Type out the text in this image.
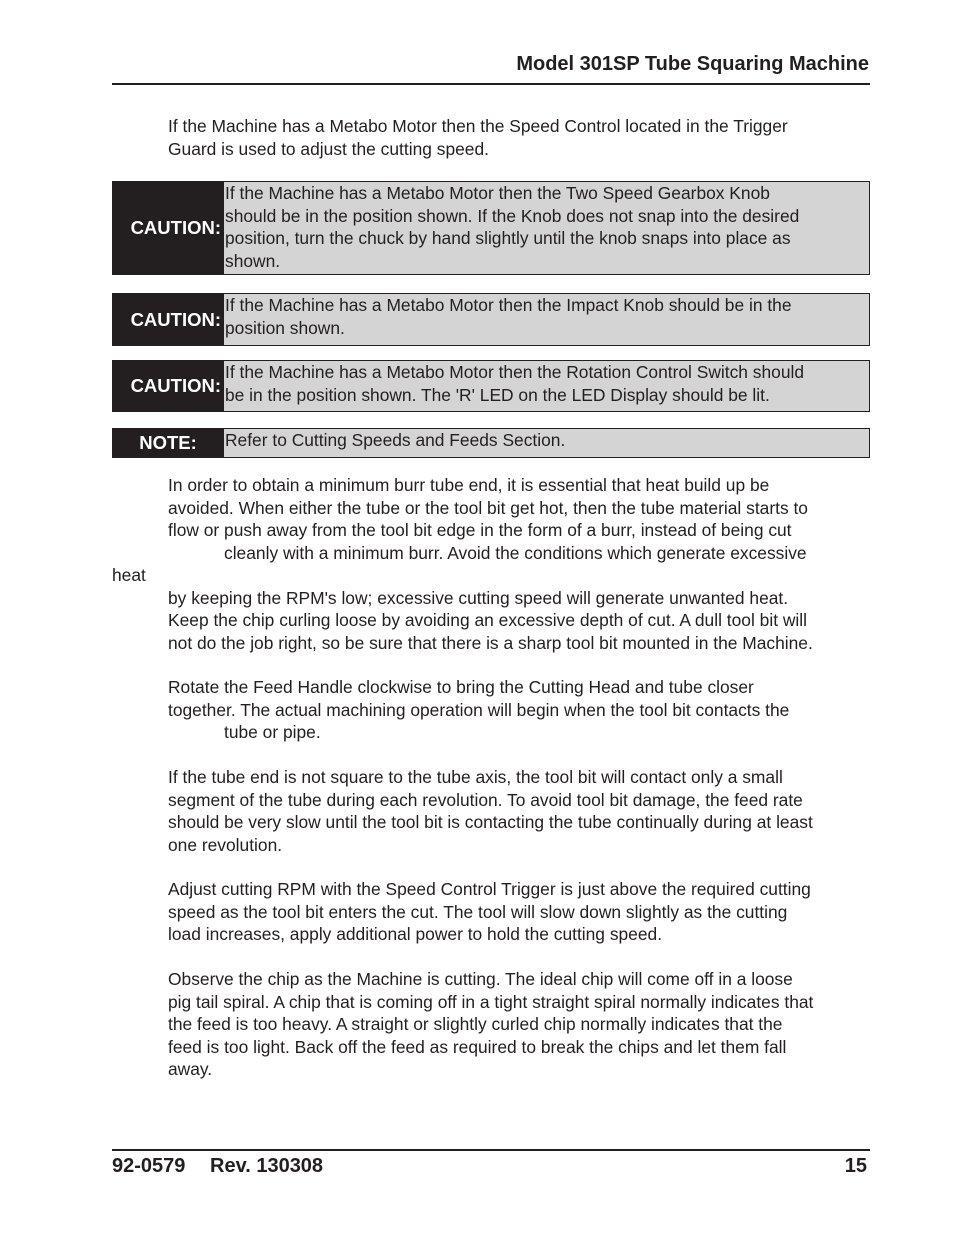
Model 301SP Tube Squaring Machine
If the Machine has a Metabo Motor then the Speed Control located in the Trigger
Guard is used to adjust the cutting speed.
CAUTION:
If the Machine has a Metabo Motor then the Two Speed Gearbox Knob
should be in the position shown. If the Knob does not snap into the desired
position, turn the chuck by hand slightly until the knob snaps into place as
shown.
CAUTION:
If the Machine has a Metabo Motor then the Impact Knob should be in the
position shown.
CAUTION:
If the Machine has a Metabo Motor then the Rotation Control Switch should
be in the position shown. The 'R' LED on the LED Display should be lit.
NOTE:	Refer to Cutting Speeds and Feeds Section.
In order to obtain a minimum burr tube end, it is essential that heat build up be
avoided. When either the tube or the tool bit get hot, then the tube material starts to
flow or push away from the tool bit edge in the form of a burr, instead of being cut
cleanly with a minimum burr. Avoid the conditions which generate excessive
heat
by keeping the RPM's low; excessive cutting speed will generate unwanted heat.
Keep the chip curling loose by avoiding an excessive depth of cut. A dull tool bit will
not do the job right, so be sure that there is a sharp tool bit mounted in the Machine.
Rotate the Feed Handle clockwise to bring the Cutting Head and tube closer
together. The actual machining operation will begin when the tool bit contacts the
tube or pipe.
If the tube end is not square to the tube axis, the tool bit will contact only a small
segment of the tube during each revolution. To avoid tool bit damage, the feed rate
should be very slow until the tool bit is contacting the tube continually during at least
one revolution.
Adjust cutting RPM with the Speed Control Trigger is just above the required cutting
speed as the tool bit enters the cut. The tool will slow down slightly as the cutting
load increases, apply additional power to hold the cutting speed.
Observe the chip as the Machine is cutting. The ideal chip will come off in a loose
pig tail spiral. A chip that is coming off in a tight straight spiral normally indicates that
the feed is too heavy. A straight or slightly curled chip normally indicates that the
feed is too light. Back off the feed as required to break the chips and let them fall
away.
92-0579 Rev. 130308	15
